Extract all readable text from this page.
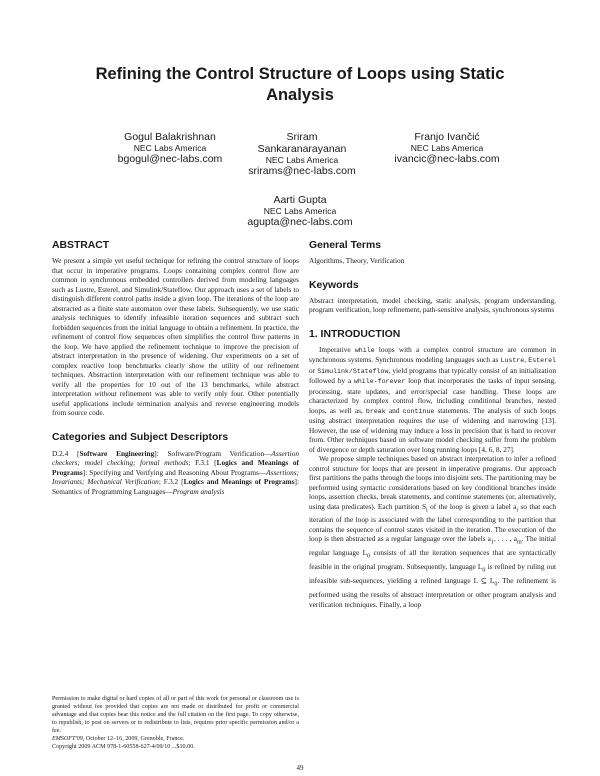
Refining the Control Structure of Loops using Static Analysis
Gogul Balakrishnan
NEC Labs America
bgogul@nec-labs.com
Sriram
Sankaranarayanan
NEC Labs America
srirams@nec-labs.com
Franjo Ivančić
NEC Labs America
ivancic@nec-labs.com
Aarti Gupta
NEC Labs America
agupta@nec-labs.com
ABSTRACT

We present a simple yet useful technique for refining the control structure of loops that occur in imperative programs. Loops containing complex control flow are common in synchronous embedded controllers derived from modeling languages such as Lustre, Esterel, and Simulink/Stateflow. Our approach uses a set of labels to distinguish different control paths inside a given loop. The iterations of the loop are abstracted as a finite state automaton over these labels. Subsequently, we use static analysis techniques to identify infeasible iteration sequences and subtract such forbidden sequences from the initial language to obtain a refinement. In practice, the refinement of control flow sequences often simplifies the control flow patterns in the loop. We have applied the refinement technique to improve the precision of abstract interpretation in the presence of widening. Our experiments on a set of complex reactive loop benchmarks clearly show the utility of our refinement techniques. Abstraction interpretation with our refinement technique was able to verify all the properties for 10 out of the 13 benchmarks, while abstract interpretation without refinement was able to verify only four. Other potentially useful applications include termination analysis and reverse engineering models from source code.

Categories and Subject Descriptors

D.2.4 [Software Engineering]: Software/Program Verification—Assertion checkers; model checking; formal methods; F.3.1 [Logics and Meanings of Programs]: Specifying and Verifying and Reasoning About Programs—Assertions; Invariants; Mechanical Verification; F.3.2 [Logics and Meanings of Programs]: Semantics of Programming Languages—Program analysis

Permission to make digital or hard copies of all or part of this work for personal or classroom use is granted without fee provided that copies are not made or distributed for profit or commercial advantage and that copies bear this notice and the full citation on the first page. To copy otherwise, to republish, to post on servers or to redistribute to lists, requires prior specific permission and/or a fee.
EMSOFT'09, October 12–16, 2009, Grenoble, France.
Copyright 2009 ACM 978-1-60558-627-4/09/10 ...$10.00.
General Terms

Algorithms, Theory, Verification

Keywords

Abstract interpretation, model checking, static analysis, program understanding, program verification, loop refinement, path-sensitive analysis, synchronous systems

1. INTRODUCTION

Imperative while loops with a complex control structure are common in synchronous systems. Synchronous modeling languages such as Lustre, Esterel or Simulink/Stateflow, yield programs that typically consist of an initialization followed by a while-forever loop that incorporates the tasks of input sensing, processing, state updates, and error/special case handling. These loops are characterized by complex control flow, including conditional branches, nested loops, as well as, break and continue statements. The analysis of such loops using abstract interpretation requires the use of widening and narrowing [13]. However, the use of widening may induce a loss in precision that is hard to recover from. Other techniques based on software model checking suffer from the problem of divergence or depth saturation over long running loops [4, 6, 8, 27].

We propose simple techniques based on abstract interpretation to infer a refined control structure for loops that are present in imperative programs. Our approach first partitions the paths through the loops into disjoint sets. The partitioning may be performed using syntactic considerations based on key conditional branches inside loops, assertion checks, break statements, and continue statements (or, alternatively, using data predicates). Each partition $S_i$ of the loop is given a label $a_i$ so that each iteration of the loop is associated with the label corresponding to the partition that contains the sequence of control states visited in the iteration. The execution of the loop is then abstracted as a regular language over the labels $a_1$, . . . , $a_m$. The initial regular language $L_0$ consists of all the iteration sequences that are syntactically feasible in the original program. Subsequently, language $L_0$ is refined by ruling out infeasible sub-sequences, yielding a refined language L ⊆ $L_0$. The refinement is performed using the results of abstract interpretation or other program analysis and verification techniques. Finally, a loop

49
